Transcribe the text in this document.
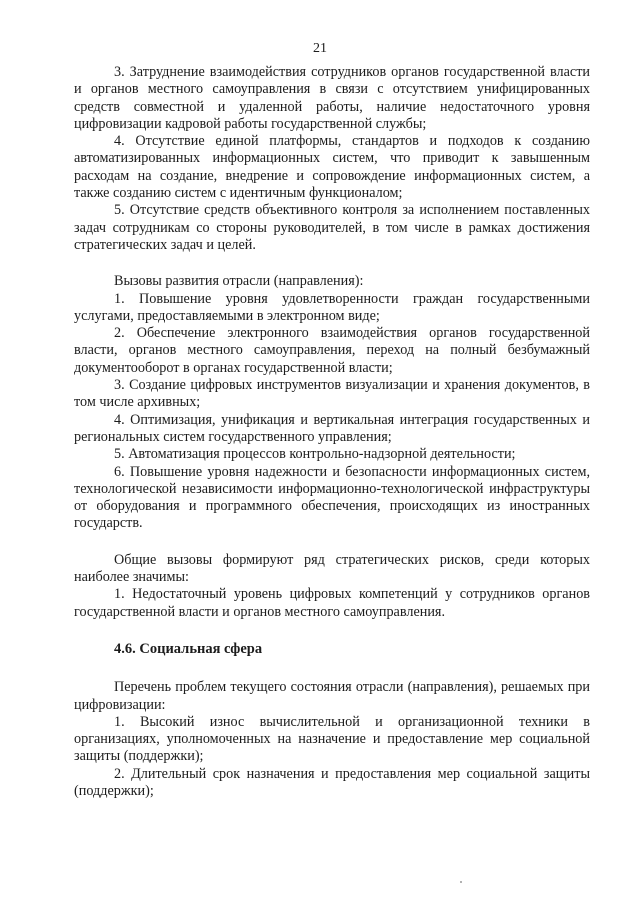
21

3. Затруднение взаимодействия сотрудников органов государственной власти и органов местного самоуправления в связи с отсутствием унифицированных средств совместной и удаленной работы, наличие недостаточного уровня цифровизации кадровой работы государственной службы;

4. Отсутствие единой платформы, стандартов и подходов к созданию автоматизированных информационных систем, что приводит к завышенным расходам на создание, внедрение и сопровождение информационных систем, а также созданию систем с идентичным функционалом;

5. Отсутствие средств объективного контроля за исполнением поставленных задач сотрудникам со стороны руководителей, в том числе в рамках достижения стратегических задач и целей.

Вызовы развития отрасли (направления):

1. Повышение уровня удовлетворенности граждан государственными услугами, предоставляемыми в электронном виде;

2. Обеспечение электронного взаимодействия органов государственной власти, органов местного самоуправления, переход на полный безбумажный документооборот в органах государственной власти;

3. Создание цифровых инструментов визуализации и хранения документов, в том числе архивных;

4. Оптимизация, унификация и вертикальная интеграция государственных и региональных систем государственного управления;

5. Автоматизация процессов контрольно-надзорной деятельности;

6. Повышение уровня надежности и безопасности информационных систем, технологической независимости информационно-технологической инфраструктуры от оборудования и программного обеспечения, происходящих из иностранных государств.

Общие вызовы формируют ряд стратегических рисков, среди которых наиболее значимы:

1. Недостаточный уровень цифровых компетенций у сотрудников органов государственной власти и органов местного самоуправления.

4.6. Социальная сфера

Перечень проблем текущего состояния отрасли (направления), решаемых при цифровизации:

1. Высокий износ вычислительной и организационной техники в организациях, уполномоченных на назначение и предоставление мер социальной защиты (поддержки);

2. Длительный срок назначения и предоставления мер социальной защиты (поддержки);
